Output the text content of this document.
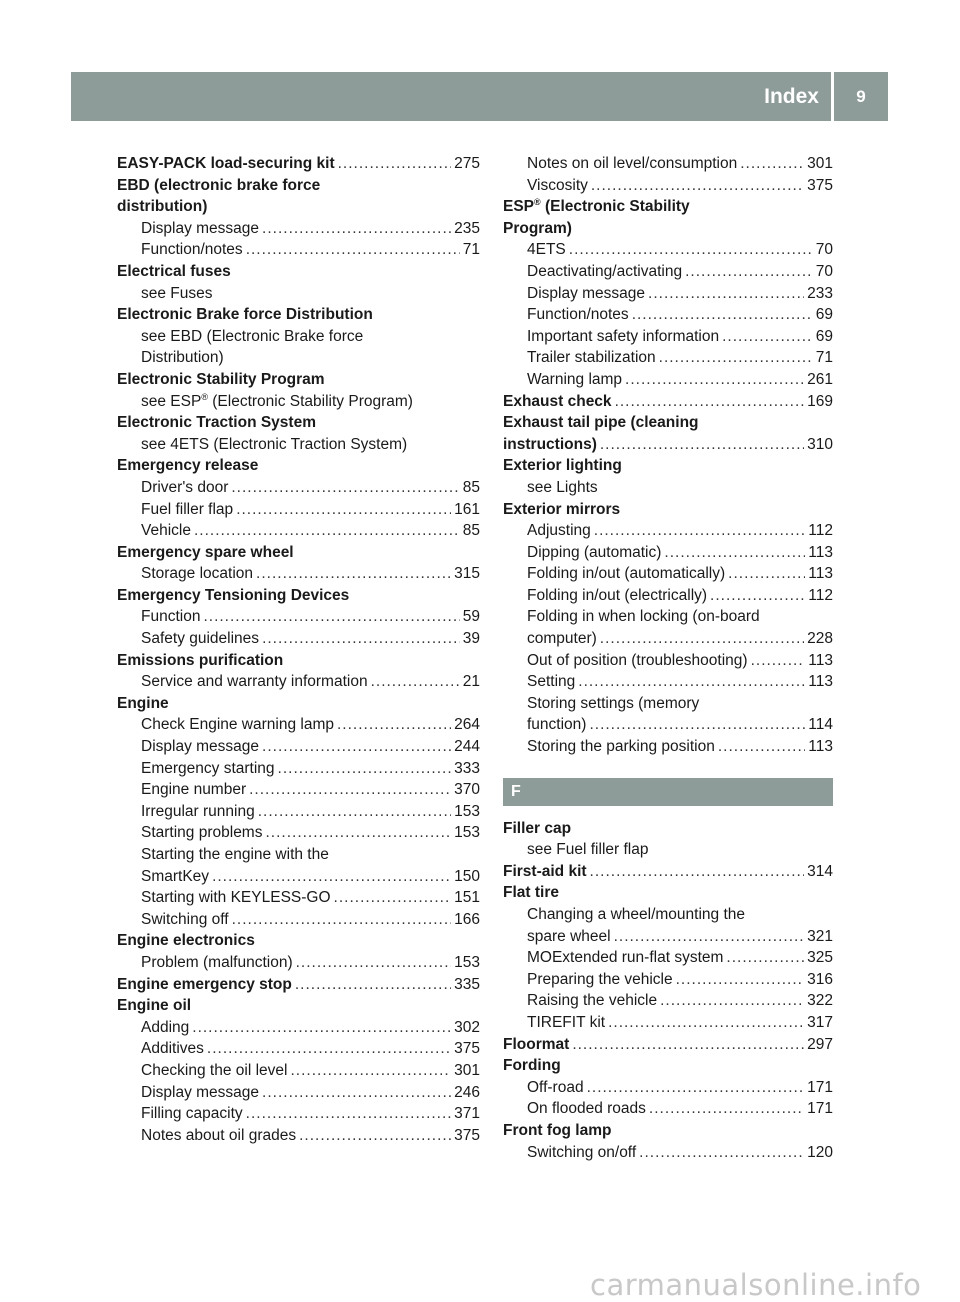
Index 9
EASY-PACK load-securing kit .....	275
EBD (electronic brake force
distribution)
Display message .....	235
Function/notes .....	71
Electrical fuses
see Fuses
Electronic Brake force Distribution
see EBD (Electronic Brake force
Distribution)
Electronic Stability Program
see ESP® (Electronic Stability Program)
Electronic Traction System
see 4ETS (Electronic Traction System)
Emergency release
Driver's door .....	85
Fuel filler flap .....	161
Vehicle .....	85
Emergency spare wheel
Storage location .....	315
Emergency Tensioning Devices
Function .....	59
Safety guidelines .....	39
Emissions purification
Service and warranty information .....	21
Engine
Check Engine warning lamp .....	264
Display message .....	244
Emergency starting .....	333
Engine number .....	370
Irregular running .....	153
Starting problems .....	153
Starting the engine with the
SmartKey .....	150
Starting with KEYLESS-GO .....	151
Switching off .....	166
Engine electronics
Problem (malfunction) .....	153
Engine emergency stop .....	335
Engine oil
Adding .....	302
Additives .....	375
Checking the oil level .....	301
Display message .....	246
Filling capacity .....	371
Notes about oil grades .....	375
Notes on oil level/consumption .....	301
Viscosity .....	375
ESP® (Electronic Stability
Program)
4ETS .....	70
Deactivating/activating .....	70
Display message .....	233
Function/notes .....	69
Important safety information .....	69
Trailer stabilization .....	71
Warning lamp .....	261
Exhaust check .....	169
Exhaust tail pipe (cleaning
instructions) .....	310
Exterior lighting
see Lights
Exterior mirrors
Adjusting .....	112
Dipping (automatic) .....	113
Folding in/out (automatically) .....	113
Folding in/out (electrically) .....	112
Folding in when locking (on-board
computer) .....	228
Out of position (troubleshooting) .....	113
Setting .....	113
Storing settings (memory
function) .....	114
Storing the parking position .....	113
F
Filler cap
see Fuel filler flap
First-aid kit .....	314
Flat tire
Changing a wheel/mounting the
spare wheel .....	321
MOExtended run-flat system .....	325
Preparing the vehicle .....	316
Raising the vehicle .....	322
TIREFIT kit .....	317
Floormat .....	297
Fording
Off-road .....	171
On flooded roads .....	171
Front fog lamp
Switching on/off .....	120
carmanualsonline.info
